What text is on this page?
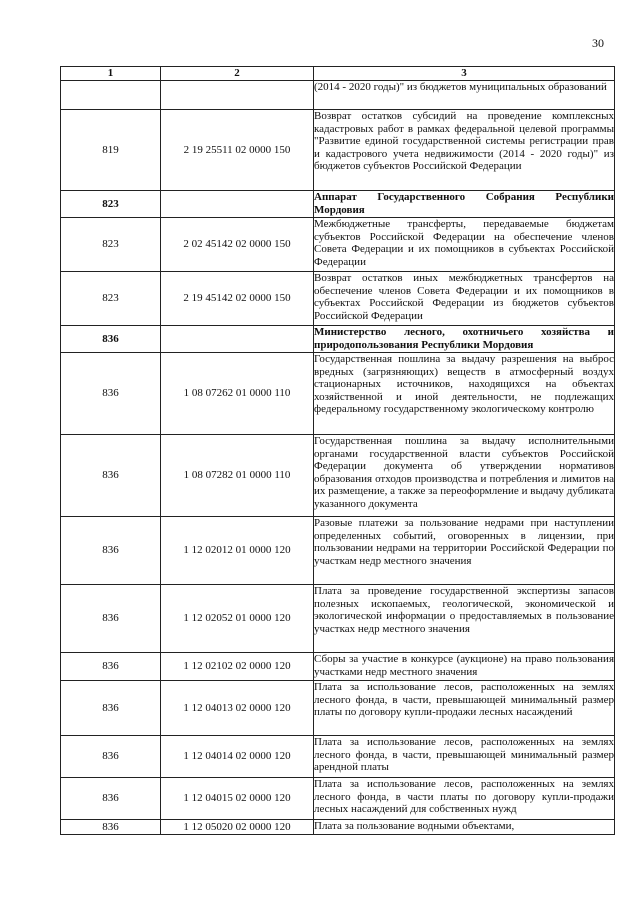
30
1	2	3
		(2014 - 2020 годы)" из бюджетов муниципальных образований
819	2 19 25511 02 0000 150	Возврат остатков субсидий на проведение комплексных кадастровых работ в рамках федеральной целевой программы "Развитие единой государственной системы регистрации прав и кадастрового учета недвижимости (2014 - 2020 годы)" из бюджетов субъектов Российской Федерации
823		Аппарат Государственного Собрания Республики Мордовия
823	2 02 45142 02 0000 150	Межбюджетные трансферты, передаваемые бюджетам субъектов Российской Федерации на обеспечение членов Совета Федерации и их помощников в субъектах Российской Федерации
823	2 19 45142 02 0000 150	Возврат остатков иных межбюджетных трансфертов на обеспечение членов Совета Федерации и их помощников в субъектах Российской Федерации из бюджетов субъектов Российской Федерации
836		Министерство лесного, охотничьего хозяйства и природопользования Республики Мордовия
836	1 08 07262 01 0000 110	Государственная пошлина за выдачу разрешения на выброс вредных (загрязняющих) веществ в атмосферный воздух стационарных источников, находящихся на объектах хозяйственной и иной деятельности, не подлежащих федеральному государственному экологическому контролю
836	1 08 07282 01 0000 110	Государственная пошлина за выдачу исполнительными органами государственной власти субъектов Российской Федерации документа об утверждении нормативов образования отходов производства и потребления и лимитов на их размещение, а также за переоформление и выдачу дубликата указанного документа
836	1 12 02012 01 0000 120	Разовые платежи за пользование недрами при наступлении определенных событий, оговоренных в лицензии, при пользовании недрами на территории Российской Федерации по участкам недр местного значения
836	1 12 02052 01 0000 120	Плата за проведение государственной экспертизы запасов полезных ископаемых, геологической, экономической и экологической информации о предоставляемых в пользование участках недр местного значения
836	1 12 02102 02 0000 120	Сборы за участие в конкурсе (аукционе) на право пользования участками недр местного значения
836	1 12 04013 02 0000 120	Плата за использование лесов, расположенных на землях лесного фонда, в части, превышающей минимальный размер платы по договору купли-продажи лесных насаждений
836	1 12 04014 02 0000 120	Плата за использование лесов, расположенных на землях лесного фонда, в части, превышающей минимальный размер арендной платы
836	1 12 04015 02 0000 120	Плата за использование лесов, расположенных на землях лесного фонда, в части платы по договору купли-продажи лесных насаждений для собственных нужд
836	1 12 05020 02 0000 120	Плата за пользование водными объектами,
